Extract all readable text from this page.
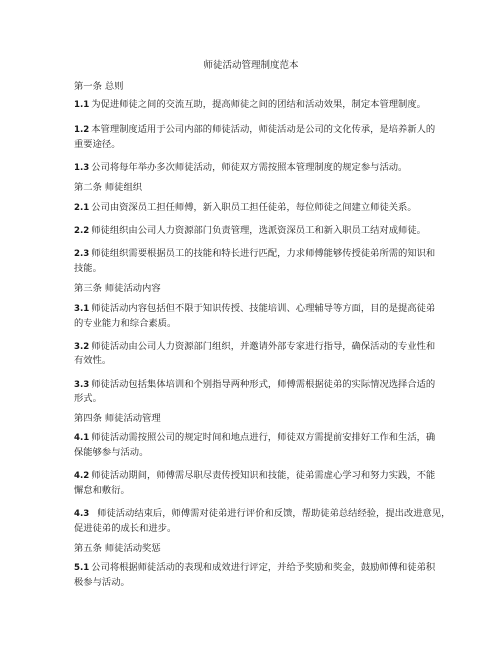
师徒活动管理制度范本
第一条 总则
1.1 为促进师徒之间的交流互助，提高师徒之间的团结和活动效果，制定本管理制度。
1.2 本管理制度适用于公司内部的师徒活动，师徒活动是公司的文化传承，是培养新人的
重要途径。
1.3 公司将每年举办多次师徒活动，师徒双方需按照本管理制度的规定参与活动。
第二条 师徒组织
2.1 公司由资深员工担任师傅，新入职员工担任徒弟，每位师徒之间建立师徒关系。
2.2 师徒组织由公司人力资源部门负责管理，选派资深员工和新入职员工结对成师徒。
2.3 师徒组织需要根据员工的技能和特长进行匹配，力求师傅能够传授徒弟所需的知识和
技能。
第三条 师徒活动内容
3.1 师徒活动内容包括但不限于知识传授、技能培训、心理辅导等方面，目的是提高徒弟
的专业能力和综合素质。
3.2 师徒活动由公司人力资源部门组织，并邀请外部专家进行指导，确保活动的专业性和
有效性。
3.3 师徒活动包括集体培训和个别指导两种形式，师傅需根据徒弟的实际情况选择合适的
形式。
第四条 师徒活动管理
4.1 师徒活动需按照公司的规定时间和地点进行，师徒双方需提前安排好工作和生活，确
保能够参与活动。
4.2 师徒活动期间，师傅需尽职尽责传授知识和技能，徒弟需虚心学习和努力实践，不能
懈怠和敷衍。
4.3  师徒活动结束后，师傅需对徒弟进行评价和反馈，帮助徒弟总结经验，提出改进意见，
促进徒弟的成长和进步。
第五条 师徒活动奖惩
5.1 公司将根据师徒活动的表现和成效进行评定，并给予奖励和奖金，鼓励师傅和徒弟积
极参与活动。
